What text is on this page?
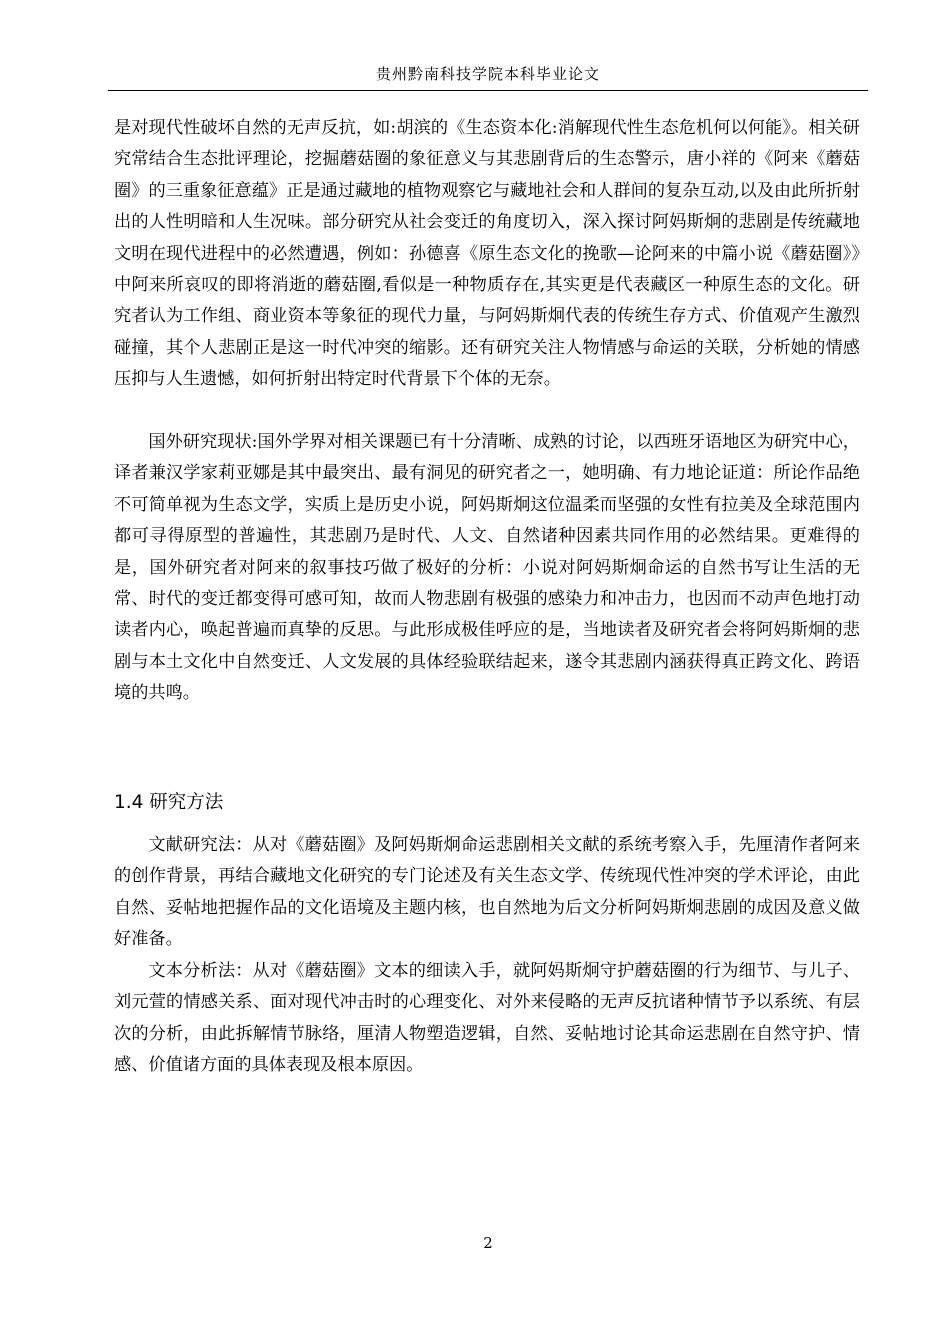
贵州黔南科技学院本科毕业论文

是对现代性破坏自然的无声反抗，如:胡滨的《生态资本化:消解现代性生态危机何以何能》。相关研究常结合生态批评理论，挖掘蘑菇圈的象征意义与其悲剧背后的生态警示，唐小祥的《阿来《蘑菇圈》的三重象征意蕴》正是通过藏地的植物观察它与藏地社会和人群间的复杂互动,以及由此所折射出的人性明暗和人生况味。部分研究从社会变迁的角度切入，深入探讨阿妈斯炯的悲剧是传统藏地文明在现代进程中的必然遭遇，例如：孙德喜《原生态文化的挽歌—论阿来的中篇小说《蘑菇圈》》中阿来所哀叹的即将消逝的蘑菇圈,看似是一种物质存在,其实更是代表藏区一种原生态的文化。研究者认为工作组、商业资本等象征的现代力量，与阿妈斯炯代表的传统生存方式、价值观产生激烈碰撞，其个人悲剧正是这一时代冲突的缩影。还有研究关注人物情感与命运的关联，分析她的情感压抑与人生遗憾，如何折射出特定时代背景下个体的无奈。

国外研究现状:国外学界对相关课题已有十分清晰、成熟的讨论，以西班牙语地区为研究中心，译者兼汉学家莉亚娜是其中最突出、最有洞见的研究者之一，她明确、有力地论证道：所论作品绝不可简单视为生态文学，实质上是历史小说，阿妈斯炯这位温柔而坚强的女性有拉美及全球范围内都可寻得原型的普遍性，其悲剧乃是时代、人文、自然诸种因素共同作用的必然结果。更难得的是，国外研究者对阿来的叙事技巧做了极好的分析：小说对阿妈斯炯命运的自然书写让生活的无常、时代的变迁都变得可感可知，故而人物悲剧有极强的感染力和冲击力，也因而不动声色地打动读者内心，唤起普遍而真挚的反思。与此形成极佳呼应的是，当地读者及研究者会将阿妈斯炯的悲剧与本土文化中自然变迁、人文发展的具体经验联结起来，遂令其悲剧内涵获得真正跨文化、跨语境的共鸣。

1.4 研究方法

文献研究法：从对《蘑菇圈》及阿妈斯炯命运悲剧相关文献的系统考察入手，先厘清作者阿来的创作背景，再结合藏地文化研究的专门论述及有关生态文学、传统现代性冲突的学术评论，由此自然、妥帖地把握作品的文化语境及主题内核，也自然地为后文分析阿妈斯炯悲剧的成因及意义做好准备。

文本分析法：从对《蘑菇圈》文本的细读入手，就阿妈斯炯守护蘑菇圈的行为细节、与儿子、刘元萱的情感关系、面对现代冲击时的心理变化、对外来侵略的无声反抗诸种情节予以系统、有层次的分析，由此拆解情节脉络，厘清人物塑造逻辑，自然、妥帖地讨论其命运悲剧在自然守护、情感、价值诸方面的具体表现及根本原因。

2
